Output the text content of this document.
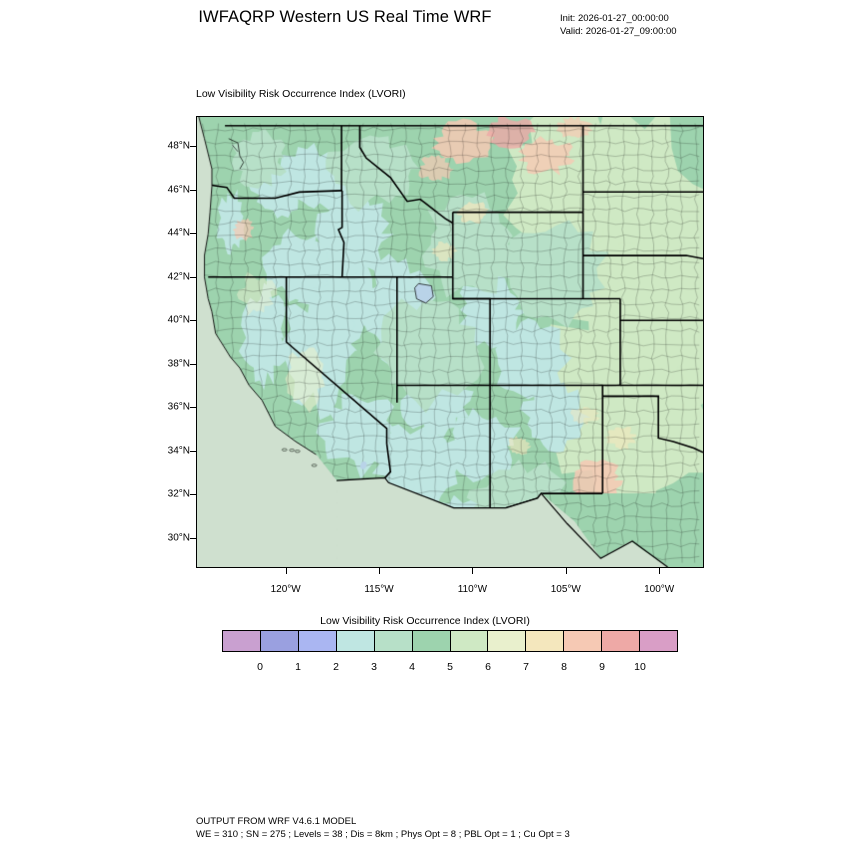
IWFAQRP Western US Real Time WRF	Init: 2026-01-27_00:00:00
Valid: 2026-01-27_09:00:00
Low Visibility Risk Occurrence Index (LVORI)
48°N
46°N
44°N
42°N
40°N
38°N
36°N
34°N
32°N
30°N
120°W	115°W	110°W	105°W	100°W
Low Visibility Risk Occurrence Index (LVORI)
0	1	2	3	4	5	6	7	8	9	10
OUTPUT FROM WRF V4.6.1 MODEL
WE = 310 ; SN = 275 ; Levels = 38 ; Dis = 8km ; Phys Opt = 8 ; PBL Opt = 1 ; Cu Opt = 3
